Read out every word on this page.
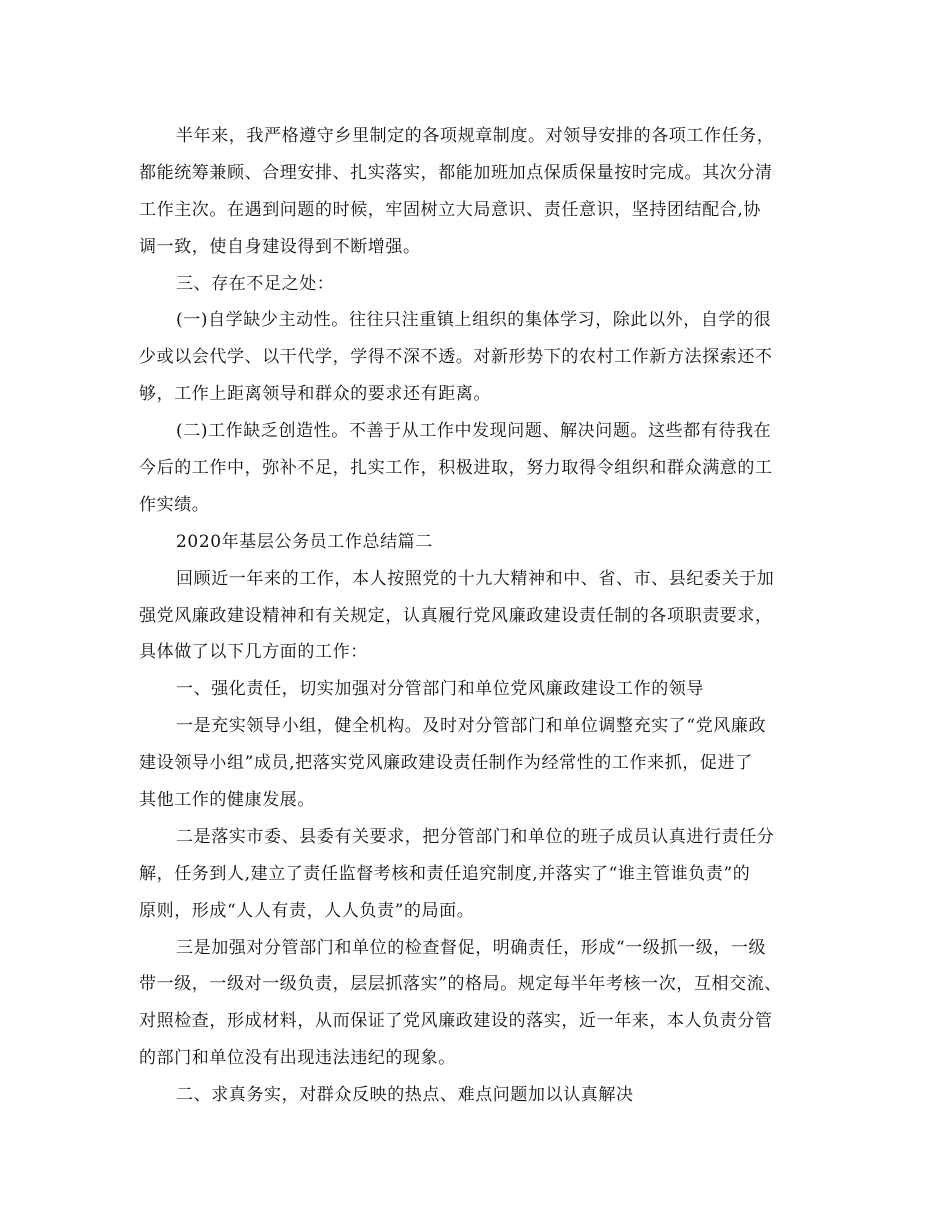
半年来，我严格遵守乡里制定的各项规章制度。对领导安排的各项工作任务，
都能统筹兼顾、合理安排、扎实落实，都能加班加点保质保量按时完成。其次分清
工作主次。在遇到问题的时候，牢固树立大局意识、责任意识，坚持团结配合,协
调一致，使自身建设得到不断增强。
三、存在不足之处：
(一)自学缺少主动性。往往只注重镇上组织的集体学习，除此以外，自学的很
少或以会代学、以干代学，学得不深不透。对新形势下的农村工作新方法探索还不
够，工作上距离领导和群众的要求还有距离。
(二)工作缺乏创造性。不善于从工作中发现问题、解决问题。这些都有待我在
今后的工作中，弥补不足，扎实工作，积极进取，努力取得令组织和群众满意的工
作实绩。
2020年基层公务员工作总结篇二
回顾近一年来的工作，本人按照党的十九大精神和中、省、市、县纪委关于加
强党风廉政建设精神和有关规定，认真履行党风廉政建设责任制的各项职责要求，
具体做了以下几方面的工作：
一、强化责任，切实加强对分管部门和单位党风廉政建设工作的领导
一是充实领导小组，健全机构。及时对分管部门和单位调整充实了“党风廉政
建设领导小组”成员,把落实党风廉政建设责任制作为经常性的工作来抓，促进了
其他工作的健康发展。
二是落实市委、县委有关要求，把分管部门和单位的班子成员认真进行责任分
解，任务到人,建立了责任监督考核和责任追究制度,并落实了“谁主管谁负责”的
原则，形成“人人有责，人人负责”的局面。
三是加强对分管部门和单位的检查督促，明确责任，形成“一级抓一级，一级
带一级，一级对一级负责，层层抓落实”的格局。规定每半年考核一次，互相交流、
对照检查，形成材料，从而保证了党风廉政建设的落实，近一年来，本人负责分管
的部门和单位没有出现违法违纪的现象。
二、求真务实，对群众反映的热点、难点问题加以认真解决
